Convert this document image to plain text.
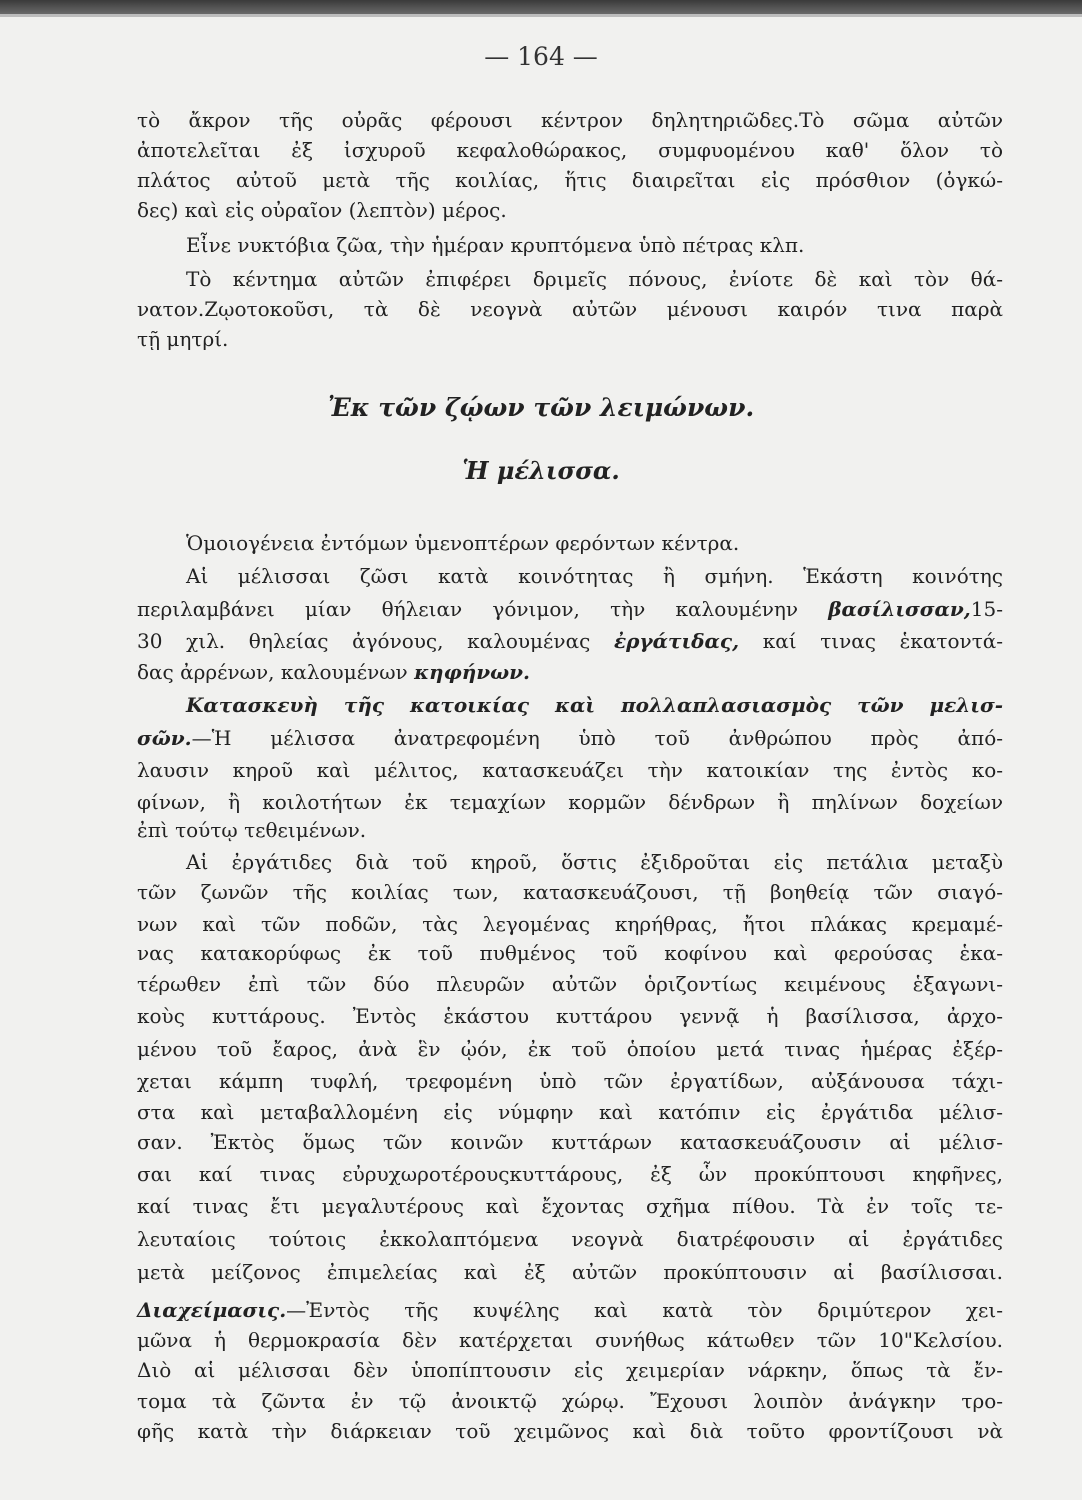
— 164 —
τὸ ἄκρον τῆς οὐρᾶς φέρουσι κέντρον δηλητηριῶδες.Τὸ σῶμα αὐτῶν
ἀποτελεῖται ἐξ ἰσχυροῦ κεφαλοθώρακος, συμφυομένου καθ' ὅλον τὸ
πλάτος αὐτοῦ μετὰ τῆς κοιλίας, ἥτις διαιρεῖται εἰς πρόσθιον (ὀγκώ-
δες) καὶ εἰς οὐραῖον (λεπτὸν) μέρος.
Εἶνε νυκτόβια ζῶα, τὴν ἡμέραν κρυπτόμενα ὑπὸ πέτρας κλπ.
Τὸ κέντημα αὐτῶν ἐπιφέρει δριμεῖς πόνους, ἐνίοτε δὲ καὶ τὸν θά-
νατον.Ζῳοτοκοῦσι, τὰ δὲ νεογνὰ αὐτῶν μένουσι καιρόν τινα παρὰ
τῇ μητρί.
Ἐκ τῶν ζῴων τῶν λειμώνων.
Ἡ μέλισσα.
Ὁμοιογένεια ἐντόμων ὑμενοπτέρων φερόντων κέντρα.
Αἱ μέλισσαι ζῶσι κατὰ κοινότητας ἢ σμήνη. Ἑκάστη κοινότης
περιλαμβάνει μίαν θήλειαν γόνιμον, τὴν καλουμένην βασίλισσαν,15-
30 χιλ. θηλείας ἀγόνους, καλουμένας ἐργάτιδας, καί τινας ἑκατοντά-
δας ἀρρένων, καλουμένων κηφήνων.
Κατασκευὴ τῆς κατοικίας καὶ πολλαπλασιασμὸς τῶν μελισ-
σῶν.—Ἡ μέλισσα ἀνατρεφομένη ὑπὸ τοῦ ἀνθρώπου πρὸς ἀπό-
λαυσιν κηροῦ καὶ μέλιτος, κατασκευάζει τὴν κατοικίαν της ἐντὸς κο-
φίνων, ἢ κοιλοτήτων ἐκ τεμαχίων κορμῶν δένδρων ἢ πηλίνων δοχείων
ἐπὶ τούτῳ τεθειμένων.
Αἱ ἐργάτιδες διὰ τοῦ κηροῦ, ὅστις ἐξιδροῦται εἰς πετάλια μεταξὺ
τῶν ζωνῶν τῆς κοιλίας των, κατασκευάζουσι, τῇ βοηθείᾳ τῶν σιαγό-
νων καὶ τῶν ποδῶν, τὰς λεγομένας κηρήθρας, ἤτοι πλάκας κρεμαμέ-
νας κατακορύφως ἐκ τοῦ πυθμένος τοῦ κοφίνου καὶ φερούσας ἑκα-
τέρωθεν ἐπὶ τῶν δύο πλευρῶν αὐτῶν ὁριζοντίως κειμένους ἑξαγωνι-
κοὺς κυττάρους. Ἐντὸς ἑκάστου κυττάρου γεννᾷ ἡ βασίλισσα, ἀρχο-
μένου τοῦ ἔαρος, ἀνὰ ἓν ᾠόν, ἐκ τοῦ ὁποίου μετά τινας ἡμέρας ἐξέρ-
χεται κάμπη τυφλή, τρεφομένη ὑπὸ τῶν ἐργατίδων, αὐξάνουσα τάχι-
στα καὶ μεταβαλλομένη εἰς νύμφην καὶ κατόπιν εἰς ἐργάτιδα μέλισ-
σαν. Ἐκτὸς ὅμως τῶν κοινῶν κυττάρων κατασκευάζουσιν αἱ μέλισ-
σαι καί τινας εὐρυχωροτέρουςκυττάρους, ἐξ ὧν προκύπτουσι κηφῆνες,
καί τινας ἔτι μεγαλυτέρους καὶ ἔχοντας σχῆμα πίθου. Τὰ ἐν τοῖς τε-
λευταίοις τούτοις ἐκκολαπτόμενα νεογνὰ διατρέφουσιν αἱ ἐργάτιδες
μετὰ μείζονος ἐπιμελείας καὶ ἐξ αὐτῶν προκύπτουσιν αἱ βασίλισσαι.
Διαχείμασις.—Ἐντὸς τῆς κυψέλης καὶ κατὰ τὸν δριμύτερον χει-
μῶνα ἡ θερμοκρασία δὲν κατέρχεται συνήθως κάτωθεν τῶν 10"Κελσίου.
Διὸ αἱ μέλισσαι δὲν ὑποπίπτουσιν εἰς χειμερίαν νάρκην, ὅπως τὰ ἔν-
τομα τὰ ζῶντα ἐν τῷ ἀνοικτῷ χώρῳ. Ἔχουσι λοιπὸν ἀνάγκην τρο-
φῆς κατὰ τὴν διάρκειαν τοῦ χειμῶνος καὶ διὰ τοῦτο φροντίζουσι νὰ
